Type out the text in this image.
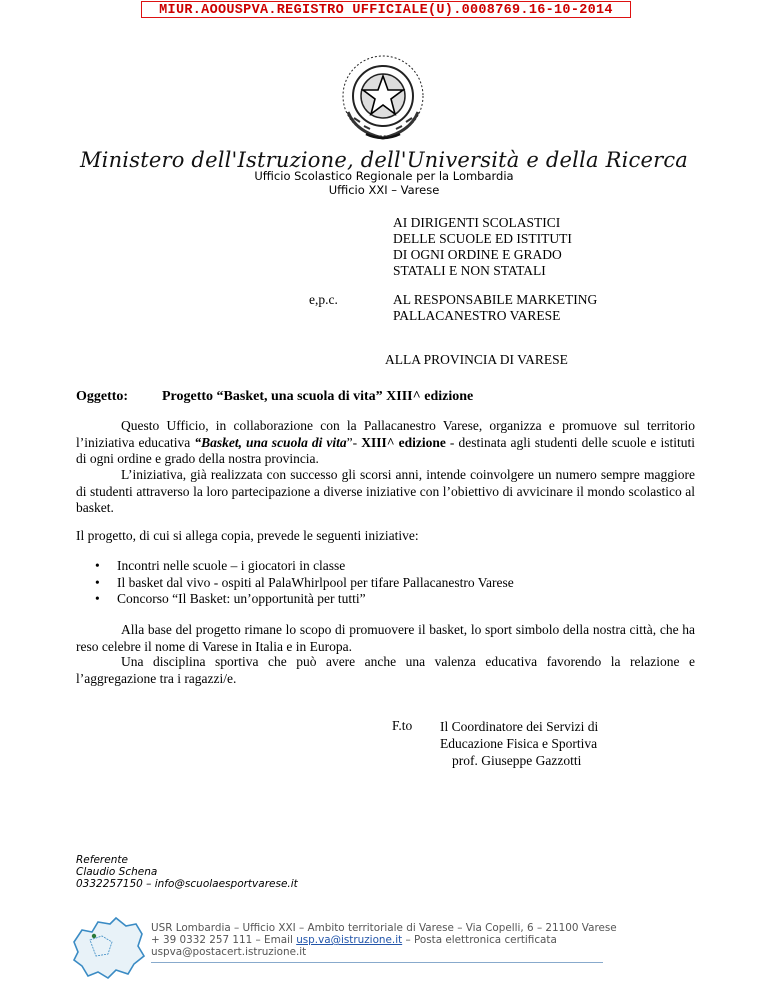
MIUR.AOOUSPVA.REGISTRO UFFICIALE(U).0008769.16-10-2014
Ministero dell'Istruzione, dell'Università e della Ricerca
Ufficio Scolastico Regionale per la Lombardia
Ufficio XXI – Varese
AI DIRIGENTI SCOLASTICI
DELLE SCUOLE ED ISTITUTI
DI OGNI ORDINE E GRADO
STATALI E NON STATALI
e,p.c.	AL RESPONSABILE MARKETING
PALLACANESTRO VARESE
ALLA PROVINCIA DI VARESE
Oggetto: Progetto “Basket, una scuola di vita” XIII^ edizione
Questo Ufficio, in collaborazione con la Pallacanestro Varese, organizza e promuove sul territorio l’iniziativa educativa “Basket, una scuola di vita”- XIII^ edizione - destinata agli studenti delle scuole e istituti di ogni ordine e grado della nostra provincia.
L’iniziativa, già realizzata con successo gli scorsi anni, intende coinvolgere un numero sempre maggiore di studenti attraverso la loro partecipazione a diverse iniziative con l’obiettivo di avvicinare il mondo scolastico al basket.
Il progetto, di cui si allega copia, prevede le seguenti iniziative:
• Incontri nelle scuole – i giocatori in classe
• Il basket dal vivo - ospiti al PalaWhirlpool per tifare Pallacanestro Varese
• Concorso “Il Basket: un’opportunità per tutti”
Alla base del progetto rimane lo scopo di promuovere il basket, lo sport simbolo della nostra città, che ha reso celebre il nome di Varese in Italia e in Europa.
Una disciplina sportiva che può avere anche una valenza educativa favorendo la relazione e l’aggregazione tra i ragazzi/e.
F.to Il Coordinatore dei Servizi di
Educazione Fisica e Sportiva
prof. Giuseppe Gazzotti
Referente
Claudio Schena
0332257150 – info@scuolaesportvarese.it
USR Lombardia – Ufficio XXI – Ambito territoriale di Varese – Via Copelli, 6 – 21100 Varese
+ 39 0332 257 111 – Email usp.va@istruzione.it – Posta elettronica certificata
uspva@postacert.istruzione.it
